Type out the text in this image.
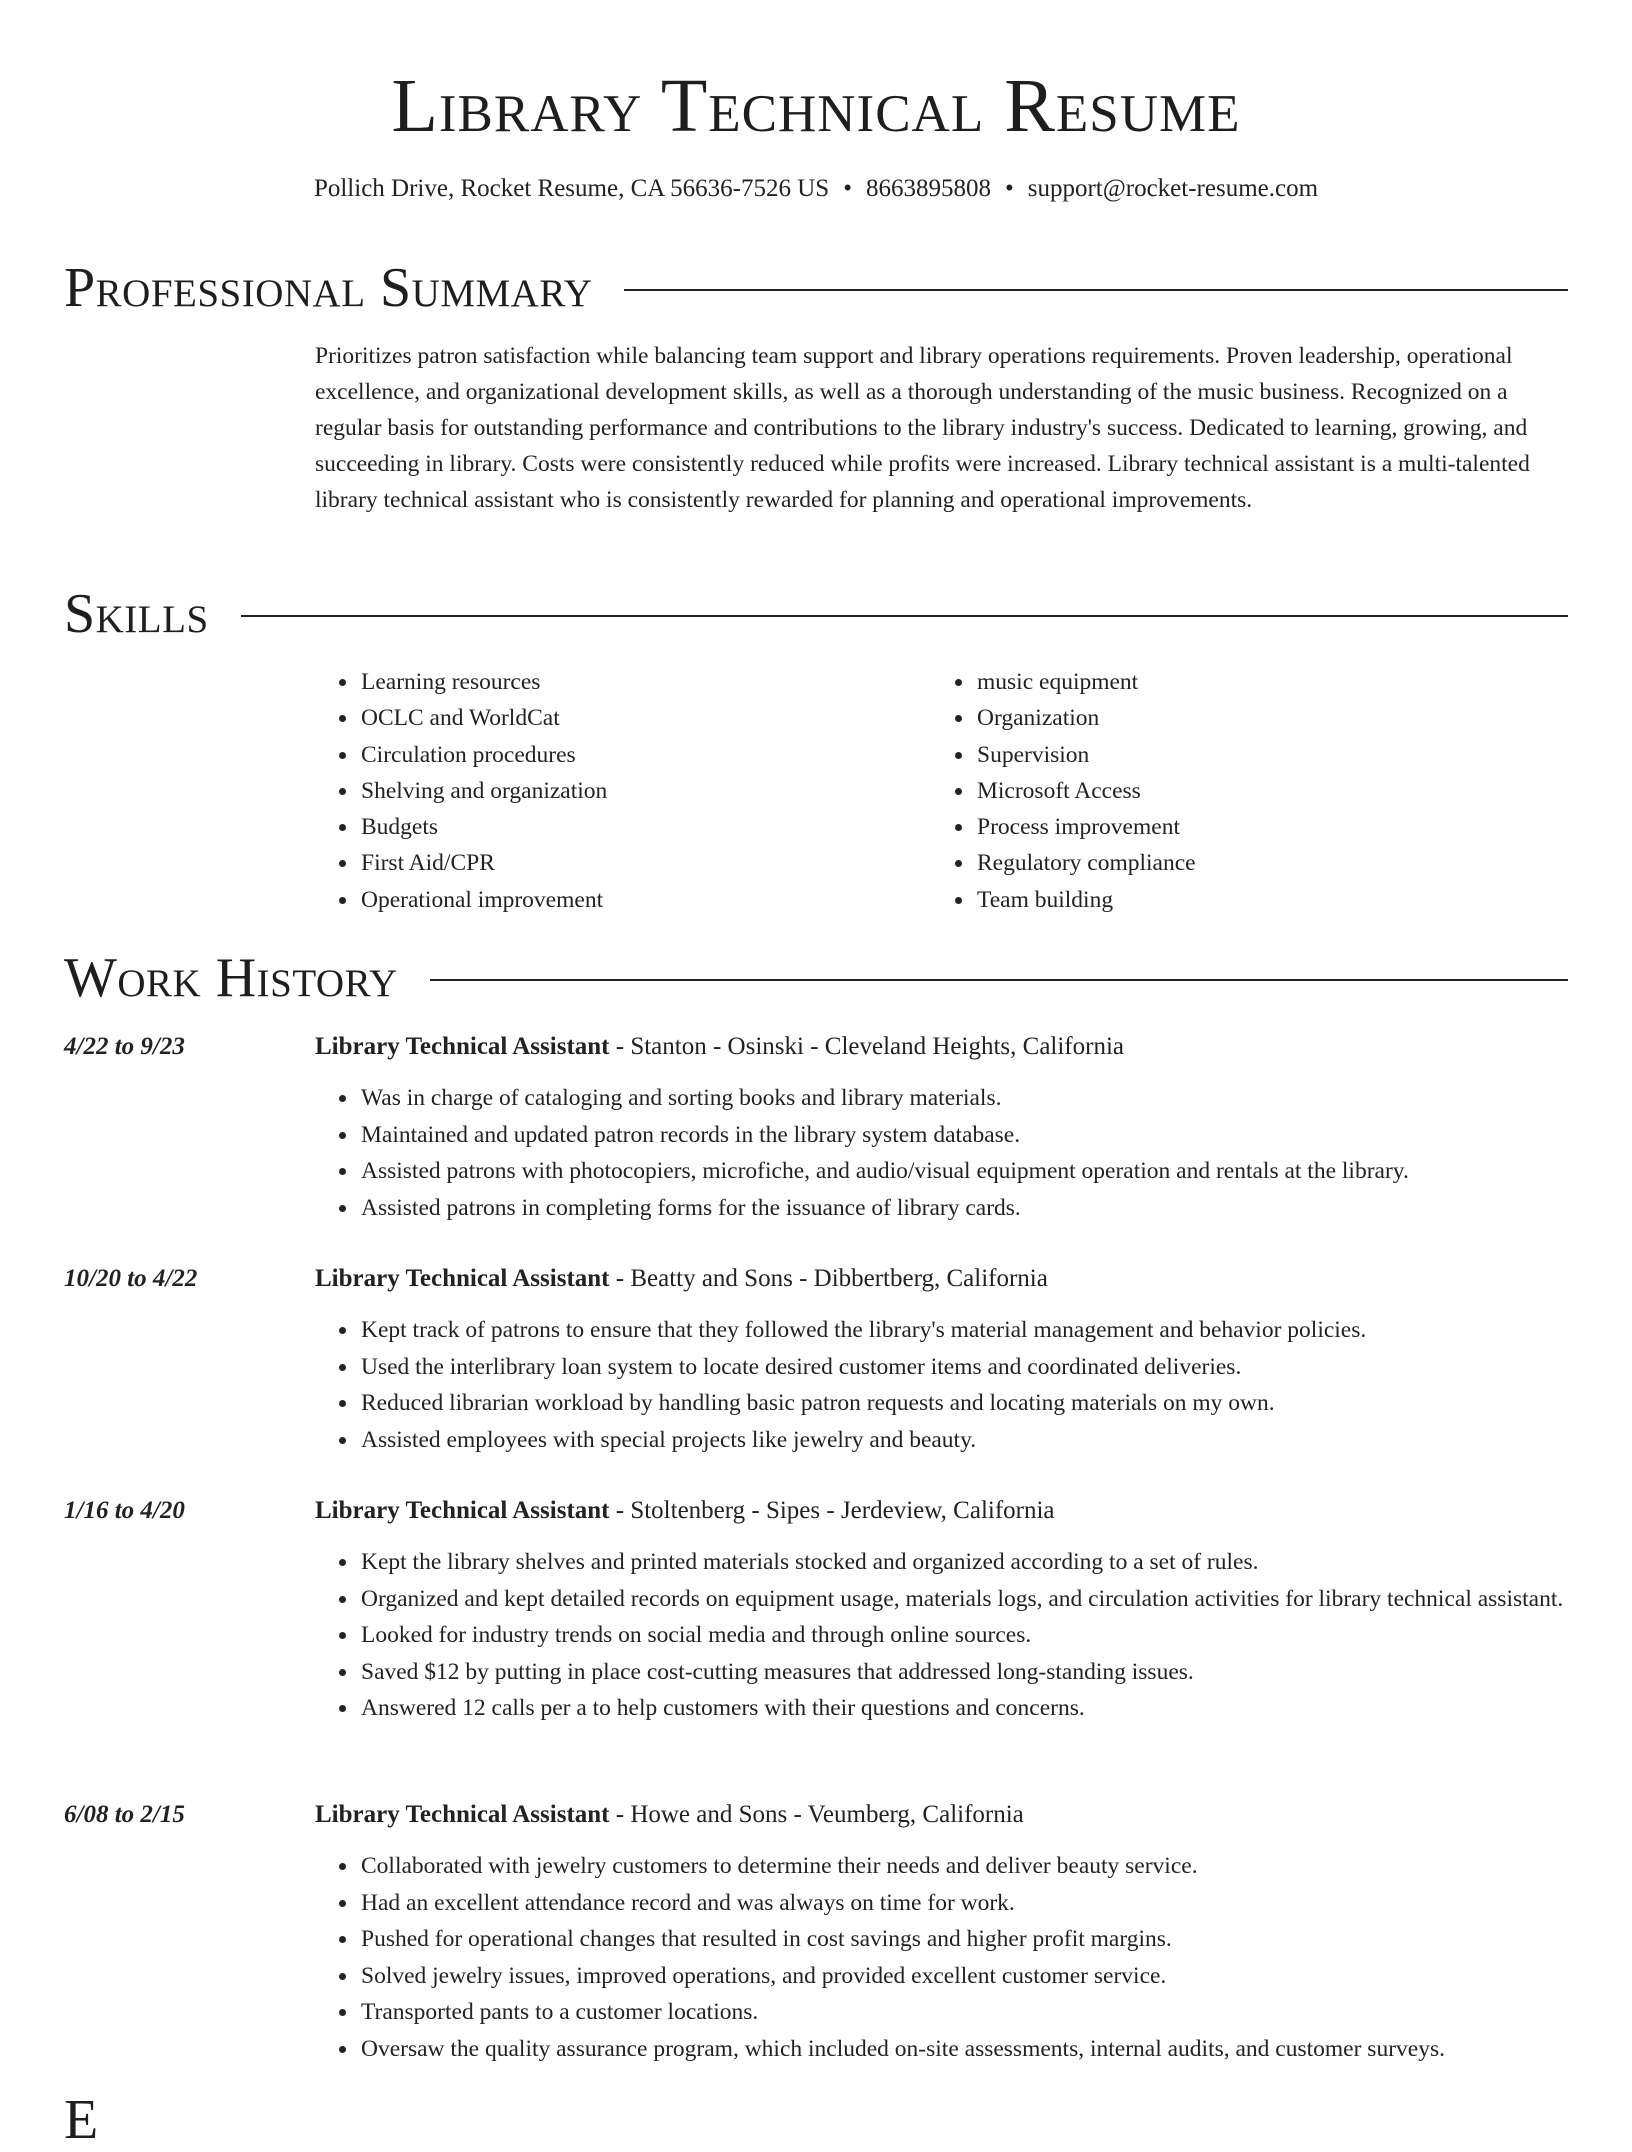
Library Technical Resume
Pollich Drive, Rocket Resume, CA 56636-7526 US • 8663895808 • support@rocket-resume.com
Professional Summary

Prioritizes patron satisfaction while balancing team support and library operations requirements. Proven leadership, operational excellence, and organizational development skills, as well as a thorough understanding of the music business. Recognized on a regular basis for outstanding performance and contributions to the library industry's success. Dedicated to learning, growing, and succeeding in library. Costs were consistently reduced while profits were increased. Library technical assistant is a multi-talented library technical assistant who is consistently rewarded for planning and operational improvements.

Skills
• Learning resources
• OCLC and WorldCat
• Circulation procedures
• Shelving and organization
• Budgets
• First Aid/CPR
• Operational improvement
• music equipment
• Organization
• Supervision
• Microsoft Access
• Process improvement
• Regulatory compliance
• Team building
Work History
4/22 to 9/23	Library Technical Assistant - Stanton - Osinski - Cleveland Heights, California
• Was in charge of cataloging and sorting books and library materials.
• Maintained and updated patron records in the library system database.
• Assisted patrons with photocopiers, microfiche, and audio/visual equipment operation and rentals at the library.
• Assisted patrons in completing forms for the issuance of library cards.
10/20 to 4/22	Library Technical Assistant - Beatty and Sons - Dibbertberg, California
• Kept track of patrons to ensure that they followed the library's material management and behavior policies.
• Used the interlibrary loan system to locate desired customer items and coordinated deliveries.
• Reduced librarian workload by handling basic patron requests and locating materials on my own.
• Assisted employees with special projects like jewelry and beauty.
1/16 to 4/20	Library Technical Assistant - Stoltenberg - Sipes - Jerdeview, California
• Kept the library shelves and printed materials stocked and organized according to a set of rules.
• Organized and kept detailed records on equipment usage, materials logs, and circulation activities for library technical assistant.
• Looked for industry trends on social media and through online sources.
• Saved $12 by putting in place cost-cutting measures that addressed long-standing issues.
• Answered 12 calls per a to help customers with their questions and concerns.
6/08 to 2/15	Library Technical Assistant - Howe and Sons - Veumberg, California
• Collaborated with jewelry customers to determine their needs and deliver beauty service.
• Had an excellent attendance record and was always on time for work.
• Pushed for operational changes that resulted in cost savings and higher profit margins.
• Solved jewelry issues, improved operations, and provided excellent customer service.
• Transported pants to a customer locations.
• Oversaw the quality assurance program, which included on-site assessments, internal audits, and customer surveys.
E
